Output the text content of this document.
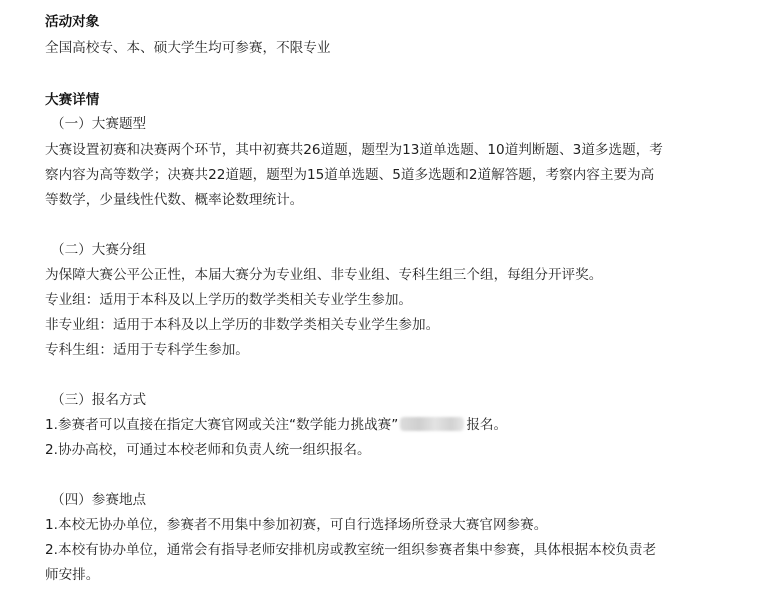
活动对象
全国高校专、本、硕大学生均可参赛，不限专业
大赛详情
（一）大赛题型
大赛设置初赛和决赛两个环节，其中初赛共26道题，题型为13道单选题、10道判断题、3道多选题，考
察内容为高等数学；决赛共22道题，题型为15道单选题、5道多选题和2道解答题，考察内容主要为高
等数学，少量线性代数、概率论数理统计。
（二）大赛分组
为保障大赛公平公正性，本届大赛分为专业组、非专业组、专科生组三个组，每组分开评奖。
专业组：适用于本科及以上学历的数学类相关专业学生参加。
非专业组：适用于本科及以上学历的非数学类相关专业学生参加。
专科生组：适用于专科学生参加。
（三）报名方式
1.参赛者可以直接在指定大赛官网或关注“数学能力挑战赛”	报名。
2.协办高校，可通过本校老师和负责人统一组织报名。
（四）参赛地点
1.本校无协办单位，参赛者不用集中参加初赛，可自行选择场所登录大赛官网参赛。
2.本校有协办单位，通常会有指导老师安排机房或教室统一组织参赛者集中参赛，具体根据本校负责老
师安排。
